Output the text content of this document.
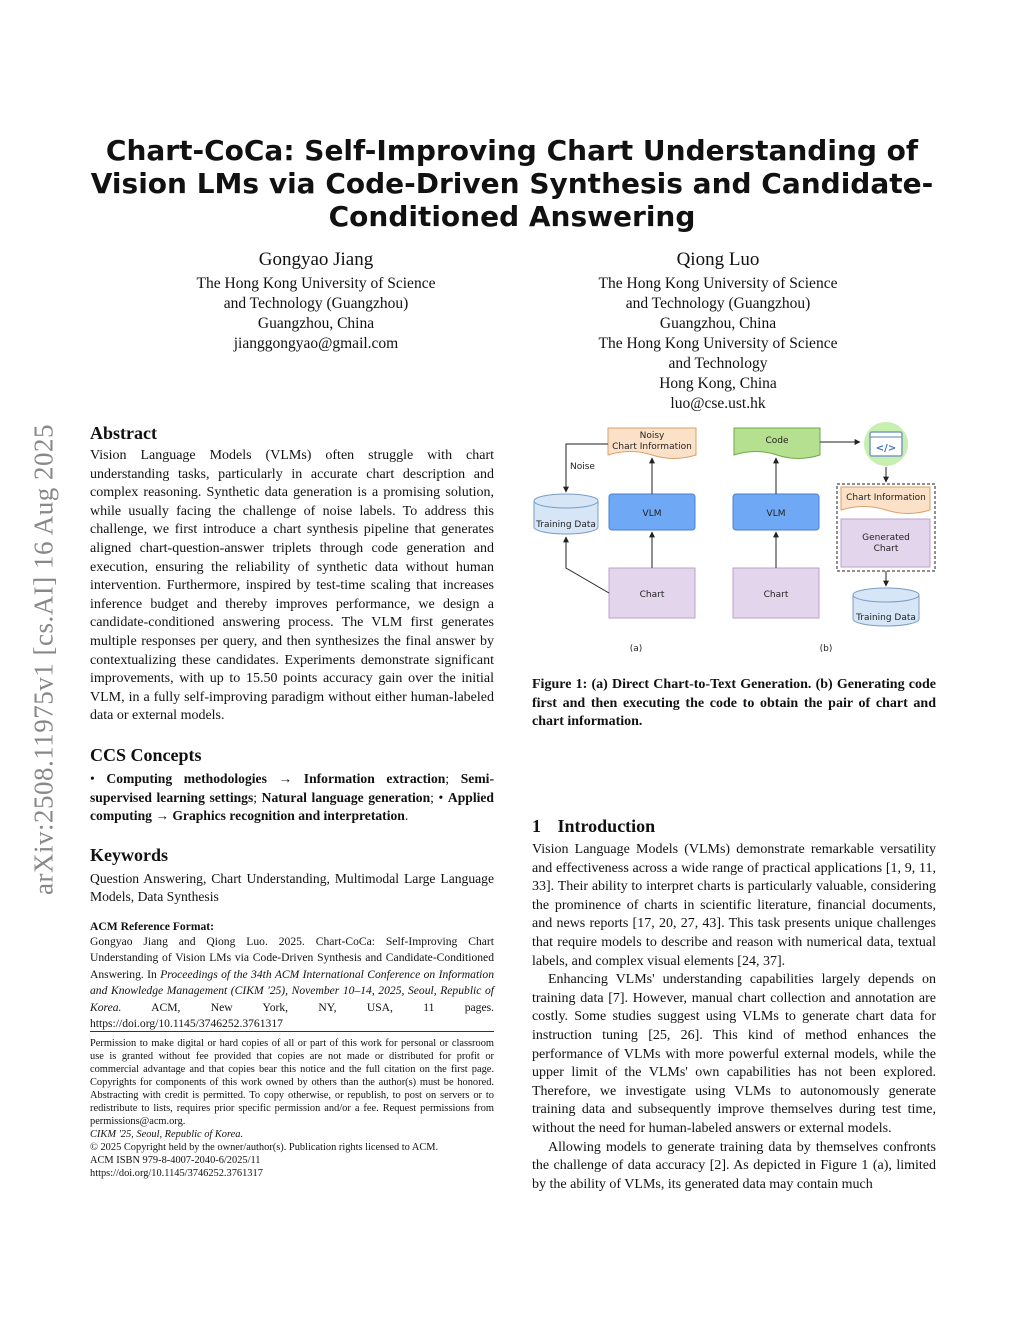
arXiv:2508.11975v1 [cs.AI] 16 Aug 2025
Chart-CoCa: Self-Improving Chart Understanding of Vision LMs via Code-Driven Synthesis and Candidate-Conditioned Answering
Gongyao Jiang
The Hong Kong University of Science
and Technology (Guangzhou)
Guangzhou, China
jianggongyao@gmail.com
Qiong Luo
The Hong Kong University of Science
and Technology (Guangzhou)
Guangzhou, China
The Hong Kong University of Science
and Technology
Hong Kong, China
luo@cse.ust.hk
Abstract
Vision Language Models (VLMs) often struggle with chart understanding tasks, particularly in accurate chart description and complex reasoning. Synthetic data generation is a promising solution, while usually facing the challenge of noise labels. To address this challenge, we first introduce a chart synthesis pipeline that generates aligned chart-question-answer triplets through code generation and execution, ensuring the reliability of synthetic data without human intervention. Furthermore, inspired by test-time scaling that increases inference budget and thereby improves performance, we design a candidate-conditioned answering process. The VLM first generates multiple responses per query, and then synthesizes the final answer by contextualizing these candidates. Experiments demonstrate significant improvements, with up to 15.50 points accuracy gain over the initial VLM, in a fully self-improving paradigm without either human-labeled data or external models.
CCS Concepts
• Computing methodologies → Information extraction; Semi-supervised learning settings; Natural language generation; • Applied computing → Graphics recognition and interpretation.
Keywords
Question Answering, Chart Understanding, Multimodal Large Language Models, Data Synthesis
ACM Reference Format:
Gongyao Jiang and Qiong Luo. 2025. Chart-CoCa: Self-Improving Chart Understanding of Vision LMs via Code-Driven Synthesis and Candidate-Conditioned Answering. In Proceedings of the 34th ACM International Conference on Information and Knowledge Management (CIKM '25), November 10–14, 2025, Seoul, Republic of Korea. ACM, New York, NY, USA, 11 pages. https://doi.org/10.1145/3746252.3761317
Permission to make digital or hard copies of all or part of this work for personal or classroom use is granted without fee provided that copies are not made or distributed for profit or commercial advantage and that copies bear this notice and the full citation on the first page. Copyrights for components of this work owned by others than the author(s) must be honored. Abstracting with credit is permitted. To copy otherwise, or republish, to post on servers or to redistribute to lists, requires prior specific permission and/or a fee. Request permissions from permissions@acm.org.
CIKM '25, Seoul, Republic of Korea.
© 2025 Copyright held by the owner/author(s). Publication rights licensed to ACM.
ACM ISBN 979-8-4007-2040-6/2025/11
https://doi.org/10.1145/3746252.3761317
Noisy
Chart Information
Noise
Training Data
VLM
Chart
(a)
Code
</>
Chart Information
Generated
Chart
Training Data
VLM
Chart
(b)
Figure 1: (a) Direct Chart-to-Text Generation. (b) Generating code first and then executing the code to obtain the pair of chart and chart information.
1 Introduction

Vision Language Models (VLMs) demonstrate remarkable versatility and effectiveness across a wide range of practical applications [1, 9, 11, 33]. Their ability to interpret charts is particularly valuable, considering the prominence of charts in scientific literature, financial documents, and news reports [17, 20, 27, 43]. This task presents unique challenges that require models to describe and reason with numerical data, textual labels, and complex visual elements [24, 37].

Enhancing VLMs' understanding capabilities largely depends on training data [7]. However, manual chart collection and annotation are costly. Some studies suggest using VLMs to generate chart data for instruction tuning [25, 26]. This kind of method enhances the performance of VLMs with more powerful external models, while the upper limit of the VLMs' own capabilities has not been explored. Therefore, we investigate using VLMs to autonomously generate training data and subsequently improve themselves during test time, without the need for human-labeled answers or external models.

Allowing models to generate training data by themselves confronts the challenge of data accuracy [2]. As depicted in Figure 1 (a), limited by the ability of VLMs, its generated data may contain much
